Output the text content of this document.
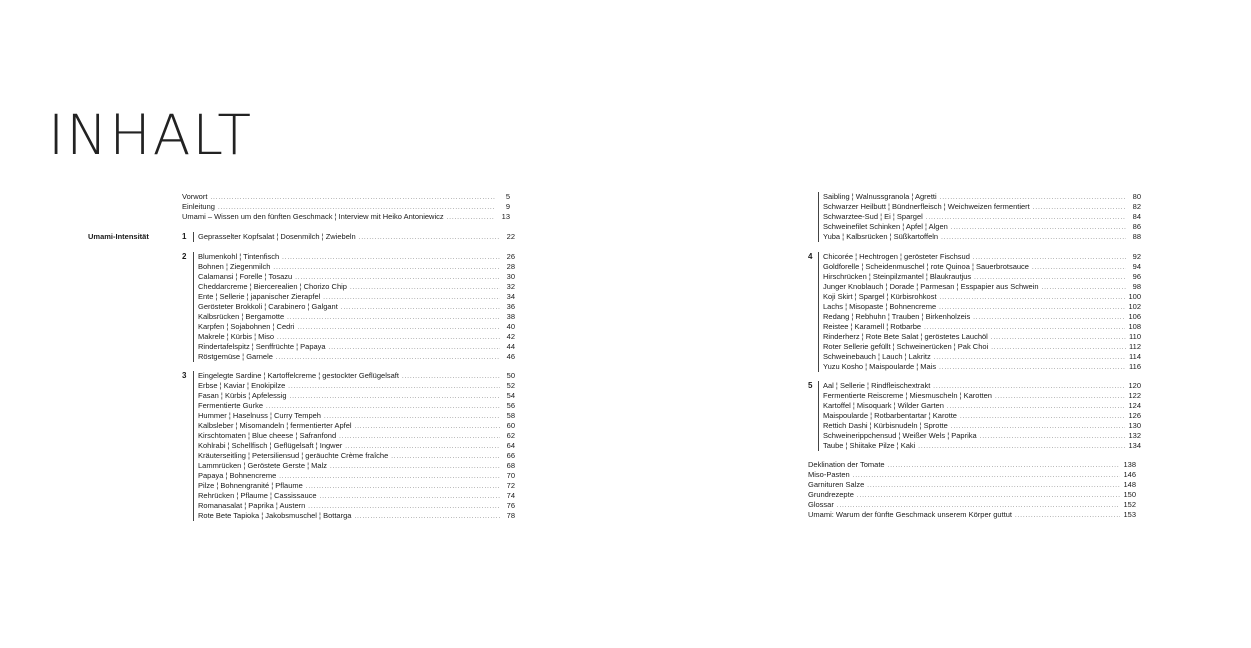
INHALT
Vorwort .....	5
Einleitung .....	9
Umami – Wissen um den fünften Geschmack ¦ Interview mit Heiko Antoniewicz .....	13
Umami-Intensität	1 Geprasselter Kopfsalat ¦ Dosenmilch ¦ Zwiebeln .....	22
2 Blumenkohl ¦ Tintenfisch .....	26
Bohnen ¦ Ziegenmilch .....	28
Calamansi ¦ Forelle ¦ Tosazu .....	30
Cheddarcreme ¦ Biercerealien ¦ Chorizo Chip .....	32
Ente ¦ Sellerie ¦ japanischer Zierapfel .....	34
Gerösteter Brokkoli ¦ Carabinero ¦ Galgant .....	36
Kalbsrücken ¦ Bergamotte .....	38
Karpfen ¦ Sojabohnen ¦ Cedri .....	40
Makrele ¦ Kürbis ¦ Miso .....	42
Rindertafelspitz ¦ Senffrüchte ¦ Papaya .....	44
Röstgemüse ¦ Garnele .....	46
3 Eingelegte Sardine ¦ Kartoffelcreme ¦ gestockter Geflügelsaft .....	50
Erbse ¦ Kaviar ¦ Enokipilze .....	52
Fasan ¦ Kürbis ¦ Apfelessig .....	54
Fermentierte Gurke .....	56
Hummer ¦ Haselnuss ¦ Curry Tempeh .....	58
Kalbsleber ¦ Misomandeln ¦ fermentierter Apfel .....	60
Kirschtomaten ¦ Blue cheese ¦ Safranfond .....	62
Kohlrabi ¦ Schellfisch ¦ Geflügelsaft ¦ Ingwer .....	64
Kräuterseitling ¦ Petersiliensud ¦ geräuchte Crème fraîche .....	66
Lammrücken ¦ Geröstete Gerste ¦ Malz .....	68
Papaya ¦ Bohnencreme .....	70
Pilze ¦ Bohnengranité ¦ Pflaume .....	72
Rehrücken ¦ Pflaume ¦ Cassissauce .....	74
Romanasalat ¦ Paprika ¦ Austern .....	76
Rote Bete Tapioka ¦ Jakobsmuschel ¦ Bottarga .....	78
Saibling ¦ Walnussgranola ¦ Agretti .....	80
Schwarzer Heilbutt ¦ Bündnerfleisch ¦ Weichweizen fermentiert .....	82
Schwarztee-Sud ¦ Ei ¦ Spargel .....	84
Schweinefilet Schinken ¦ Apfel ¦ Algen .....	86
Yuba ¦ Kalbsrücken ¦ Süßkartoffeln .....	88
4 Chicorée ¦ Hechtrogen ¦ gerösteter Fischsud .....	92
Goldforelle ¦ Scheidenmuschel ¦ rote Quinoa ¦ Sauerbrotsauce .....	94
Hirschrücken ¦ Steinpilzmantel ¦ Blaukrautjus .....	96
Junger Knoblauch ¦ Dorade ¦ Parmesan ¦ Esspapier aus Schwein .....	98
Koji Skirt ¦ Spargel ¦ Kürbisrohkost .....	100
Lachs ¦ Misopaste ¦ Bohnencreme .....	102
Redang ¦ Rebhuhn ¦ Trauben ¦ Birkenholzeis .....	106
Reistee ¦ Karamell ¦ Rotbarbe .....	108
Rinderherz ¦ Rote Bete Salat ¦ geröstetes Lauchöl .....	110
Roter Sellerie gefüllt ¦ Schweinerücken ¦ Pak Choi .....	112
Schweinebauch ¦ Lauch ¦ Lakritz .....	114
Yuzu Kosho ¦ Maispoularde ¦ Mais .....	116
5 Aal ¦ Sellerie ¦ Rindfleischextrakt .....	120
Fermentierte Reiscreme ¦ Miesmuscheln ¦ Karotten .....	122
Kartoffel ¦ Misoquark ¦ Wilder Garten .....	124
Maispoularde ¦ Rotbarbentartar ¦ Karotte .....	126
Rettich Dashi ¦ Kürbisnudeln ¦ Sprotte .....	130
Schweinerippchensud ¦ Weißer Wels ¦ Paprika .....	132
Taube ¦ Shiitake Pilze ¦ Kaki .....	134
Deklination der Tomate .....	138
Miso-Pasten .....	146
Garnituren Salze .....	148
Grundrezepte .....	150
Glossar .....	152
Umami: Warum der fünfte Geschmack unserem Körper guttut .....	153
